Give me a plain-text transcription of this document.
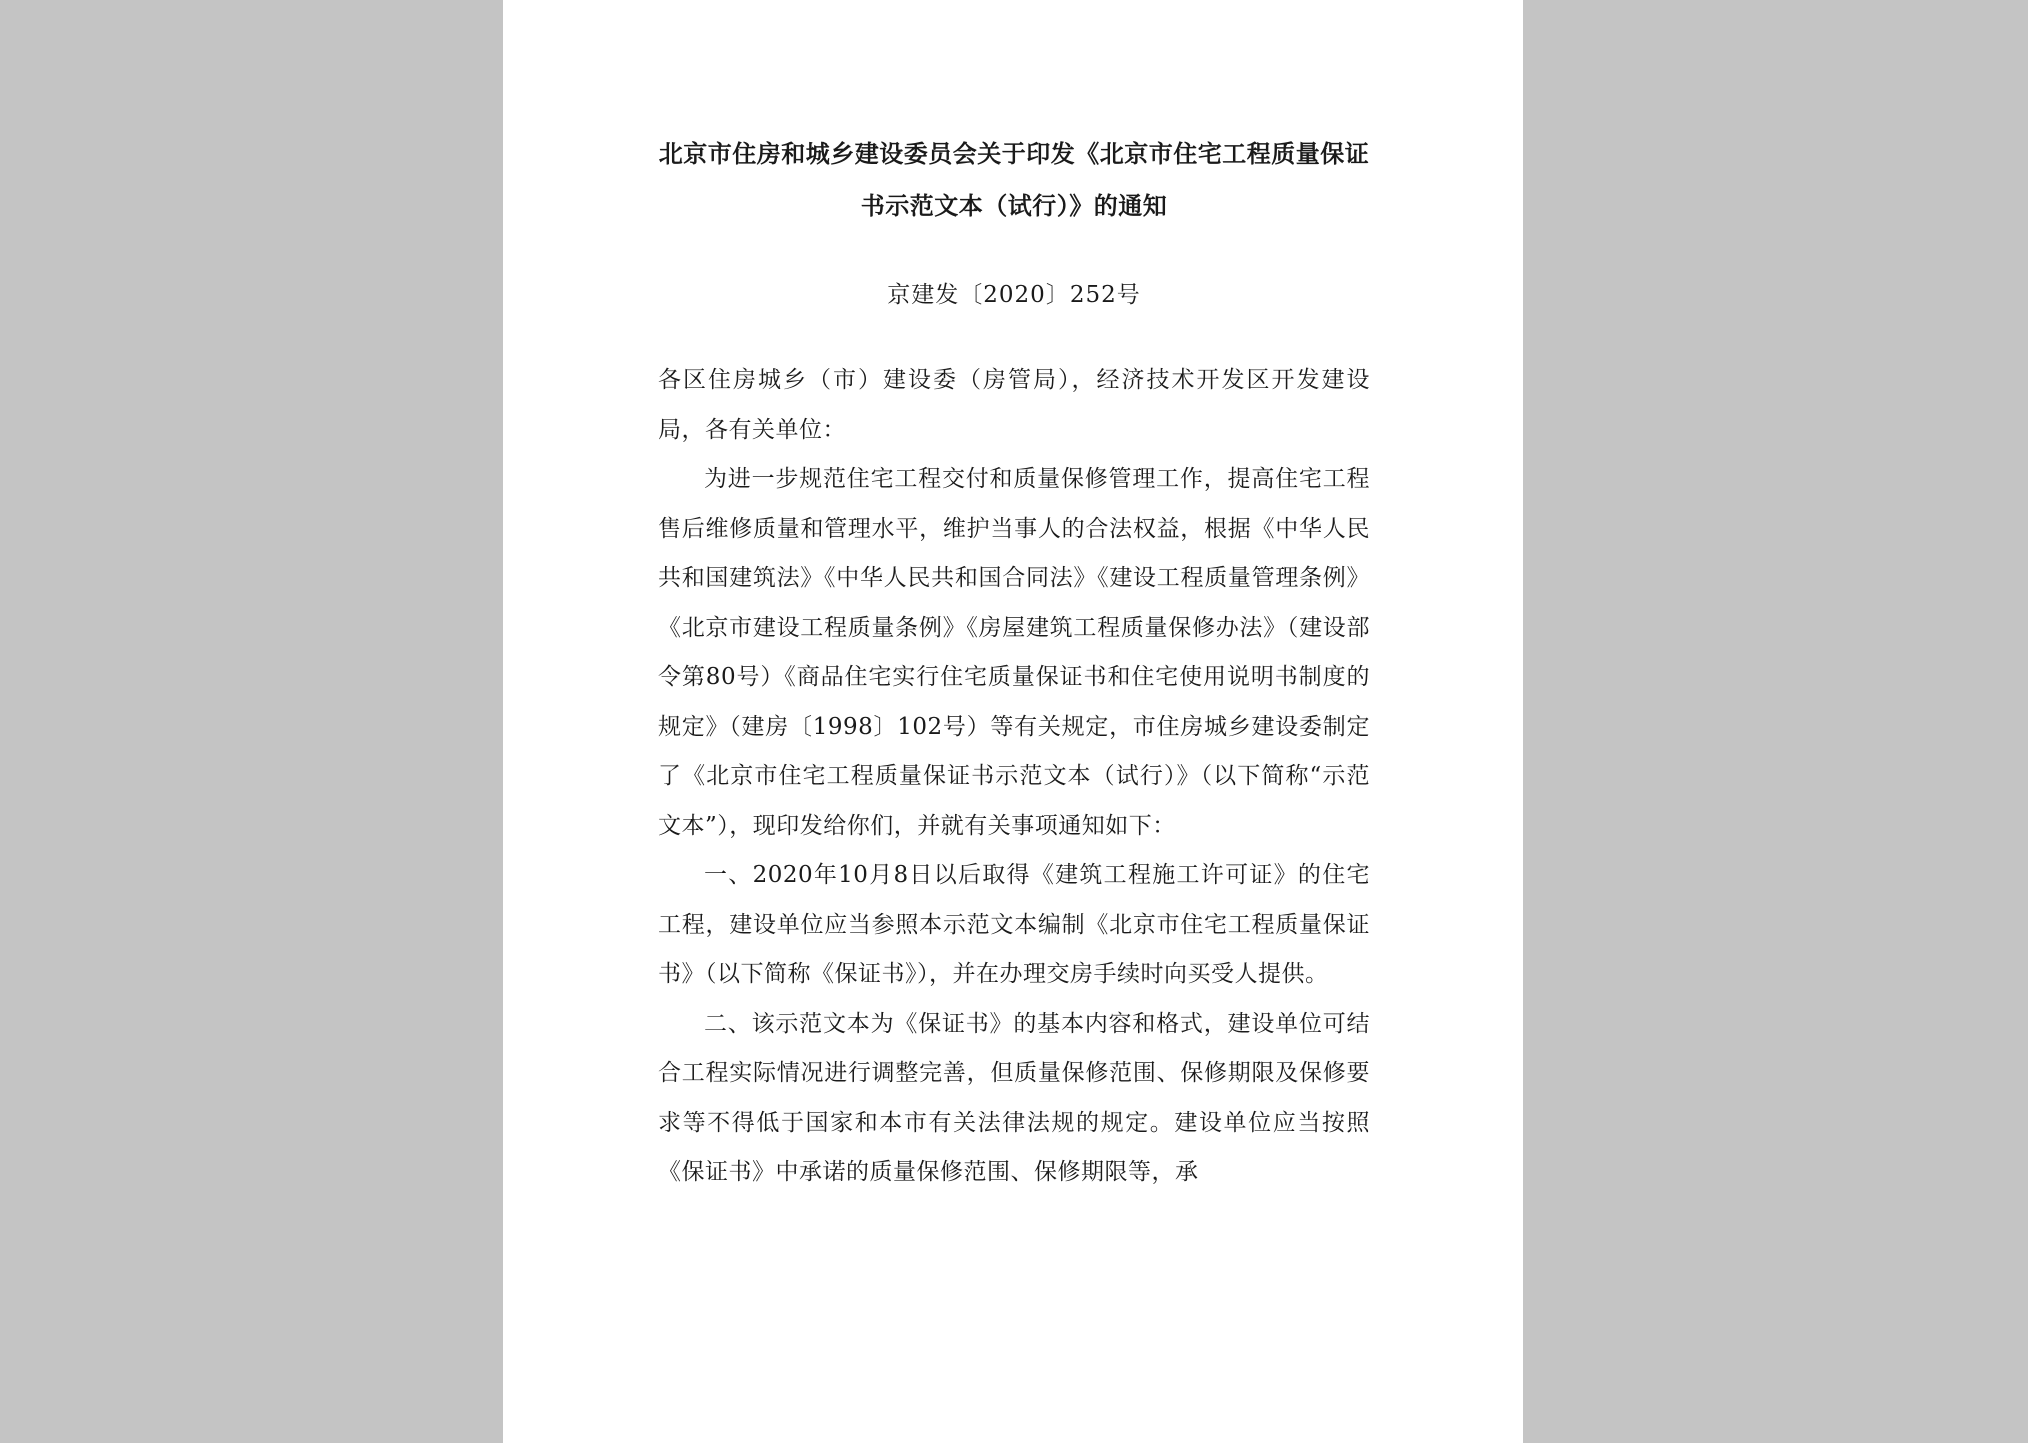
北京市住房和城乡建设委员会关于印发《北京市住宅工程质量保证书示范文本（试行）》的通知
京建发〔2020〕252号

各区住房城乡（市）建设委（房管局），经济技术开发区开发建设局，各有关单位：

为进一步规范住宅工程交付和质量保修管理工作，提高住宅工程售后维修质量和管理水平，维护当事人的合法权益，根据《中华人民共和国建筑法》《中华人民共和国合同法》《建设工程质量管理条例》《北京市建设工程质量条例》《房屋建筑工程质量保修办法》（建设部令第80号）《商品住宅实行住宅质量保证书和住宅使用说明书制度的规定》（建房〔1998〕102号）等有关规定，市住房城乡建设委制定了《北京市住宅工程质量保证书示范文本（试行）》（以下简称“示范文本”），现印发给你们，并就有关事项通知如下：

一、2020年10月8日以后取得《建筑工程施工许可证》的住宅工程，建设单位应当参照本示范文本编制《北京市住宅工程质量保证书》（以下简称《保证书》），并在办理交房手续时向买受人提供。

二、该示范文本为《保证书》的基本内容和格式，建设单位可结合工程实际情况进行调整完善，但质量保修范围、保修期限及保修要求等不得低于国家和本市有关法律法规的规定。建设单位应当按照《保证书》中承诺的质量保修范围、保修期限等，承
